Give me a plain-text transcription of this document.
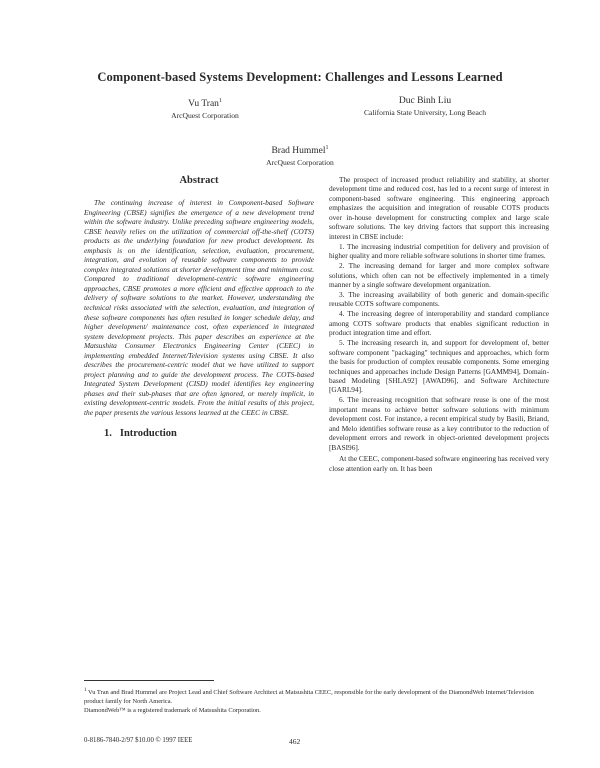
Component-based Systems Development: Challenges and Lessons Learned
Vu Tran$^1$
ArcQuest Corporation
Duc Binh Liu
California State University, Long Beach
Brad Hummel$^1$
ArcQuest Corporation
Abstract

The continuing increase of interest in Component-based Software Engineering (CBSE) signifies the emergence of a new development trend within the software industry. Unlike preceding software engineering models, CBSE heavily relies on the utilization of commercial off-the-shelf (COTS) products as the underlying foundation for new product development. Its emphasis is on the identification, selection, evaluation, procurement, integration, and evolution of reusable software components to provide complex integrated solutions at shorter development time and minimum cost. Compared to traditional development-centric software engineering approaches, CBSE promotes a more efficient and effective approach to the delivery of software solutions to the market. However, understanding the technical risks associated with the selection, evaluation, and integration of these software components has often resulted in longer schedule delay, and higher development/ maintenance cost, often experienced in integrated system development projects. This paper describes an experience at the Matsushita Consumer Electronics Engineering Center (CEEC) in implementing embedded Internet/Television systems using CBSE. It also describes the procurement-centric model that we have utilized to support project planning and to guide the development process. The COTS-based Integrated System Development (CISD) model identifies key engineering phases and their sub-phases that are often ignored, or merely implicit, in existing development-centric models. From the initial results of this project, the paper presents the various lessons learned at the CEEC in CBSE.

1. Introduction

The prospect of increased product reliability and stability, at shorter development time and reduced cost, has led to a recent surge of interest in component-based software engineering. This engineering approach emphasizes the acquisition and integration of reusable COTS products over in-house development for constructing complex and large scale software solutions. The key driving factors that support this increasing interest in CBSE include:

1. The increasing industrial competition for delivery and provision of higher quality and more reliable software solutions in shorter time frames.

2. The increasing demand for larger and more complex software solutions, which often can not be effectively implemented in a timely manner by a single software development organization.

3. The increasing availability of both generic and domain-specific reusable COTS software components.

4. The increasing degree of interoperability and standard compliance among COTS software products that enables significant reduction in product integration time and effort.

5. The increasing research in, and support for development of, better software component "packaging" techniques and approaches, which form the basis for production of complex reusable components. Some emerging techniques and approaches include Design Patterns [GAMM94], Domain-based Modeling [SHLA92] [AWAD96], and Software Architecture [GARL94].

6. The increasing recognition that software reuse is one of the most important means to achieve better software solutions with minimum development cost. For instance, a recent empirical study by Basili, Briand, and Melo identifies software reuse as a key contributor to the reduction of development errors and rework in object-oriented development projects [BASI96].

At the CEEC, component-based software engineering has received very close attention early on. It has been

$^1$ Vu Tran and Brad Hummel are Project Lead and Chief Software Architect at Matsushita CEEC, responsible for the early development of the DiamondWeb Internet/Television product family for North America.

DiamondWeb™ is a registered trademark of Matsushita Corporation.

0-8186-7840-2/97 $10.00 © 1997 IEEE	462
